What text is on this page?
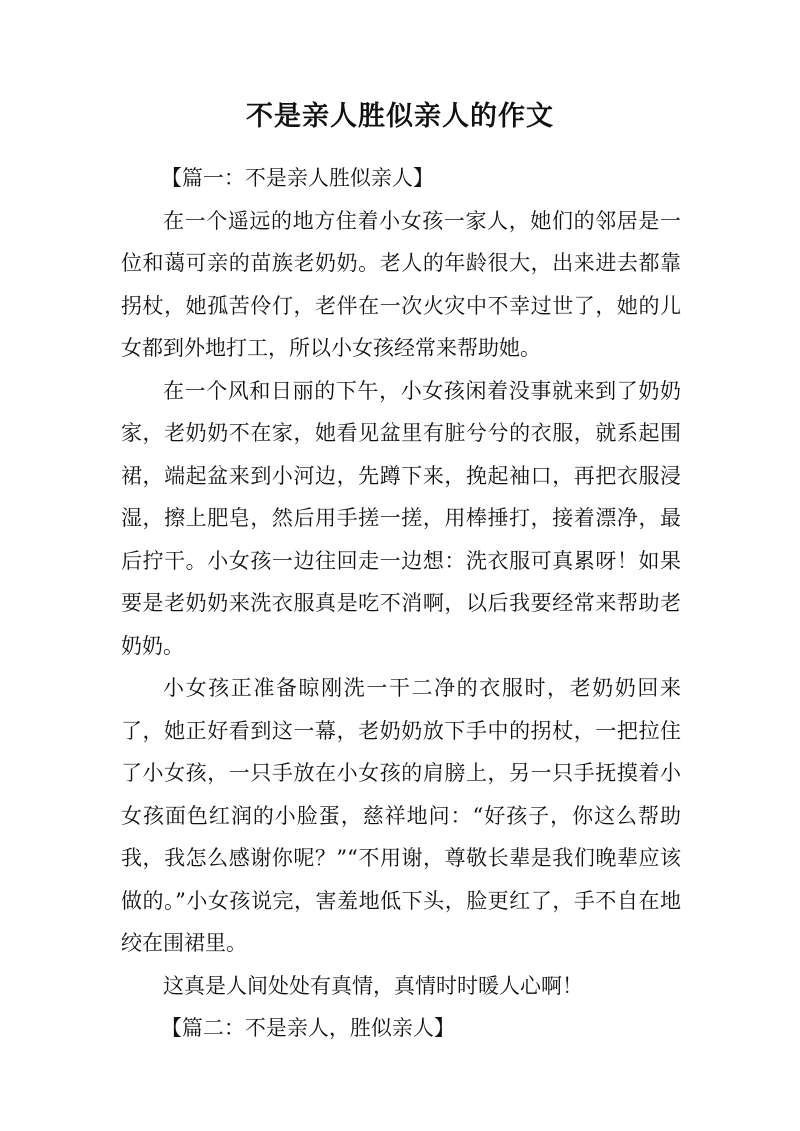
不是亲人胜似亲人的作文

【篇一：不是亲人胜似亲人】

在一个遥远的地方住着小女孩一家人，她们的邻居是一位和蔼可亲的苗族老奶奶。老人的年龄很大，出来进去都靠拐杖，她孤苦伶仃，老伴在一次火灾中不幸过世了，她的儿女都到外地打工，所以小女孩经常来帮助她。

在一个风和日丽的下午，小女孩闲着没事就来到了奶奶家，老奶奶不在家，她看见盆里有脏兮兮的衣服，就系起围裙，端起盆来到小河边，先蹲下来，挽起袖口，再把衣服浸湿，擦上肥皂，然后用手搓一搓，用棒捶打，接着漂净，最后拧干。小女孩一边往回走一边想：洗衣服可真累呀！如果要是老奶奶来洗衣服真是吃不消啊，以后我要经常来帮助老奶奶。

小女孩正准备晾刚洗一干二净的衣服时，老奶奶回来了，她正好看到这一幕，老奶奶放下手中的拐杖，一把拉住了小女孩，一只手放在小女孩的肩膀上，另一只手抚摸着小女孩面色红润的小脸蛋，慈祥地问：“好孩子，你这么帮助我，我怎么感谢你呢？”“不用谢，尊敬长辈是我们晚辈应该做的。”小女孩说完，害羞地低下头，脸更红了，手不自在地绞在围裙里。

这真是人间处处有真情，真情时时暖人心啊！

【篇二：不是亲人，胜似亲人】
